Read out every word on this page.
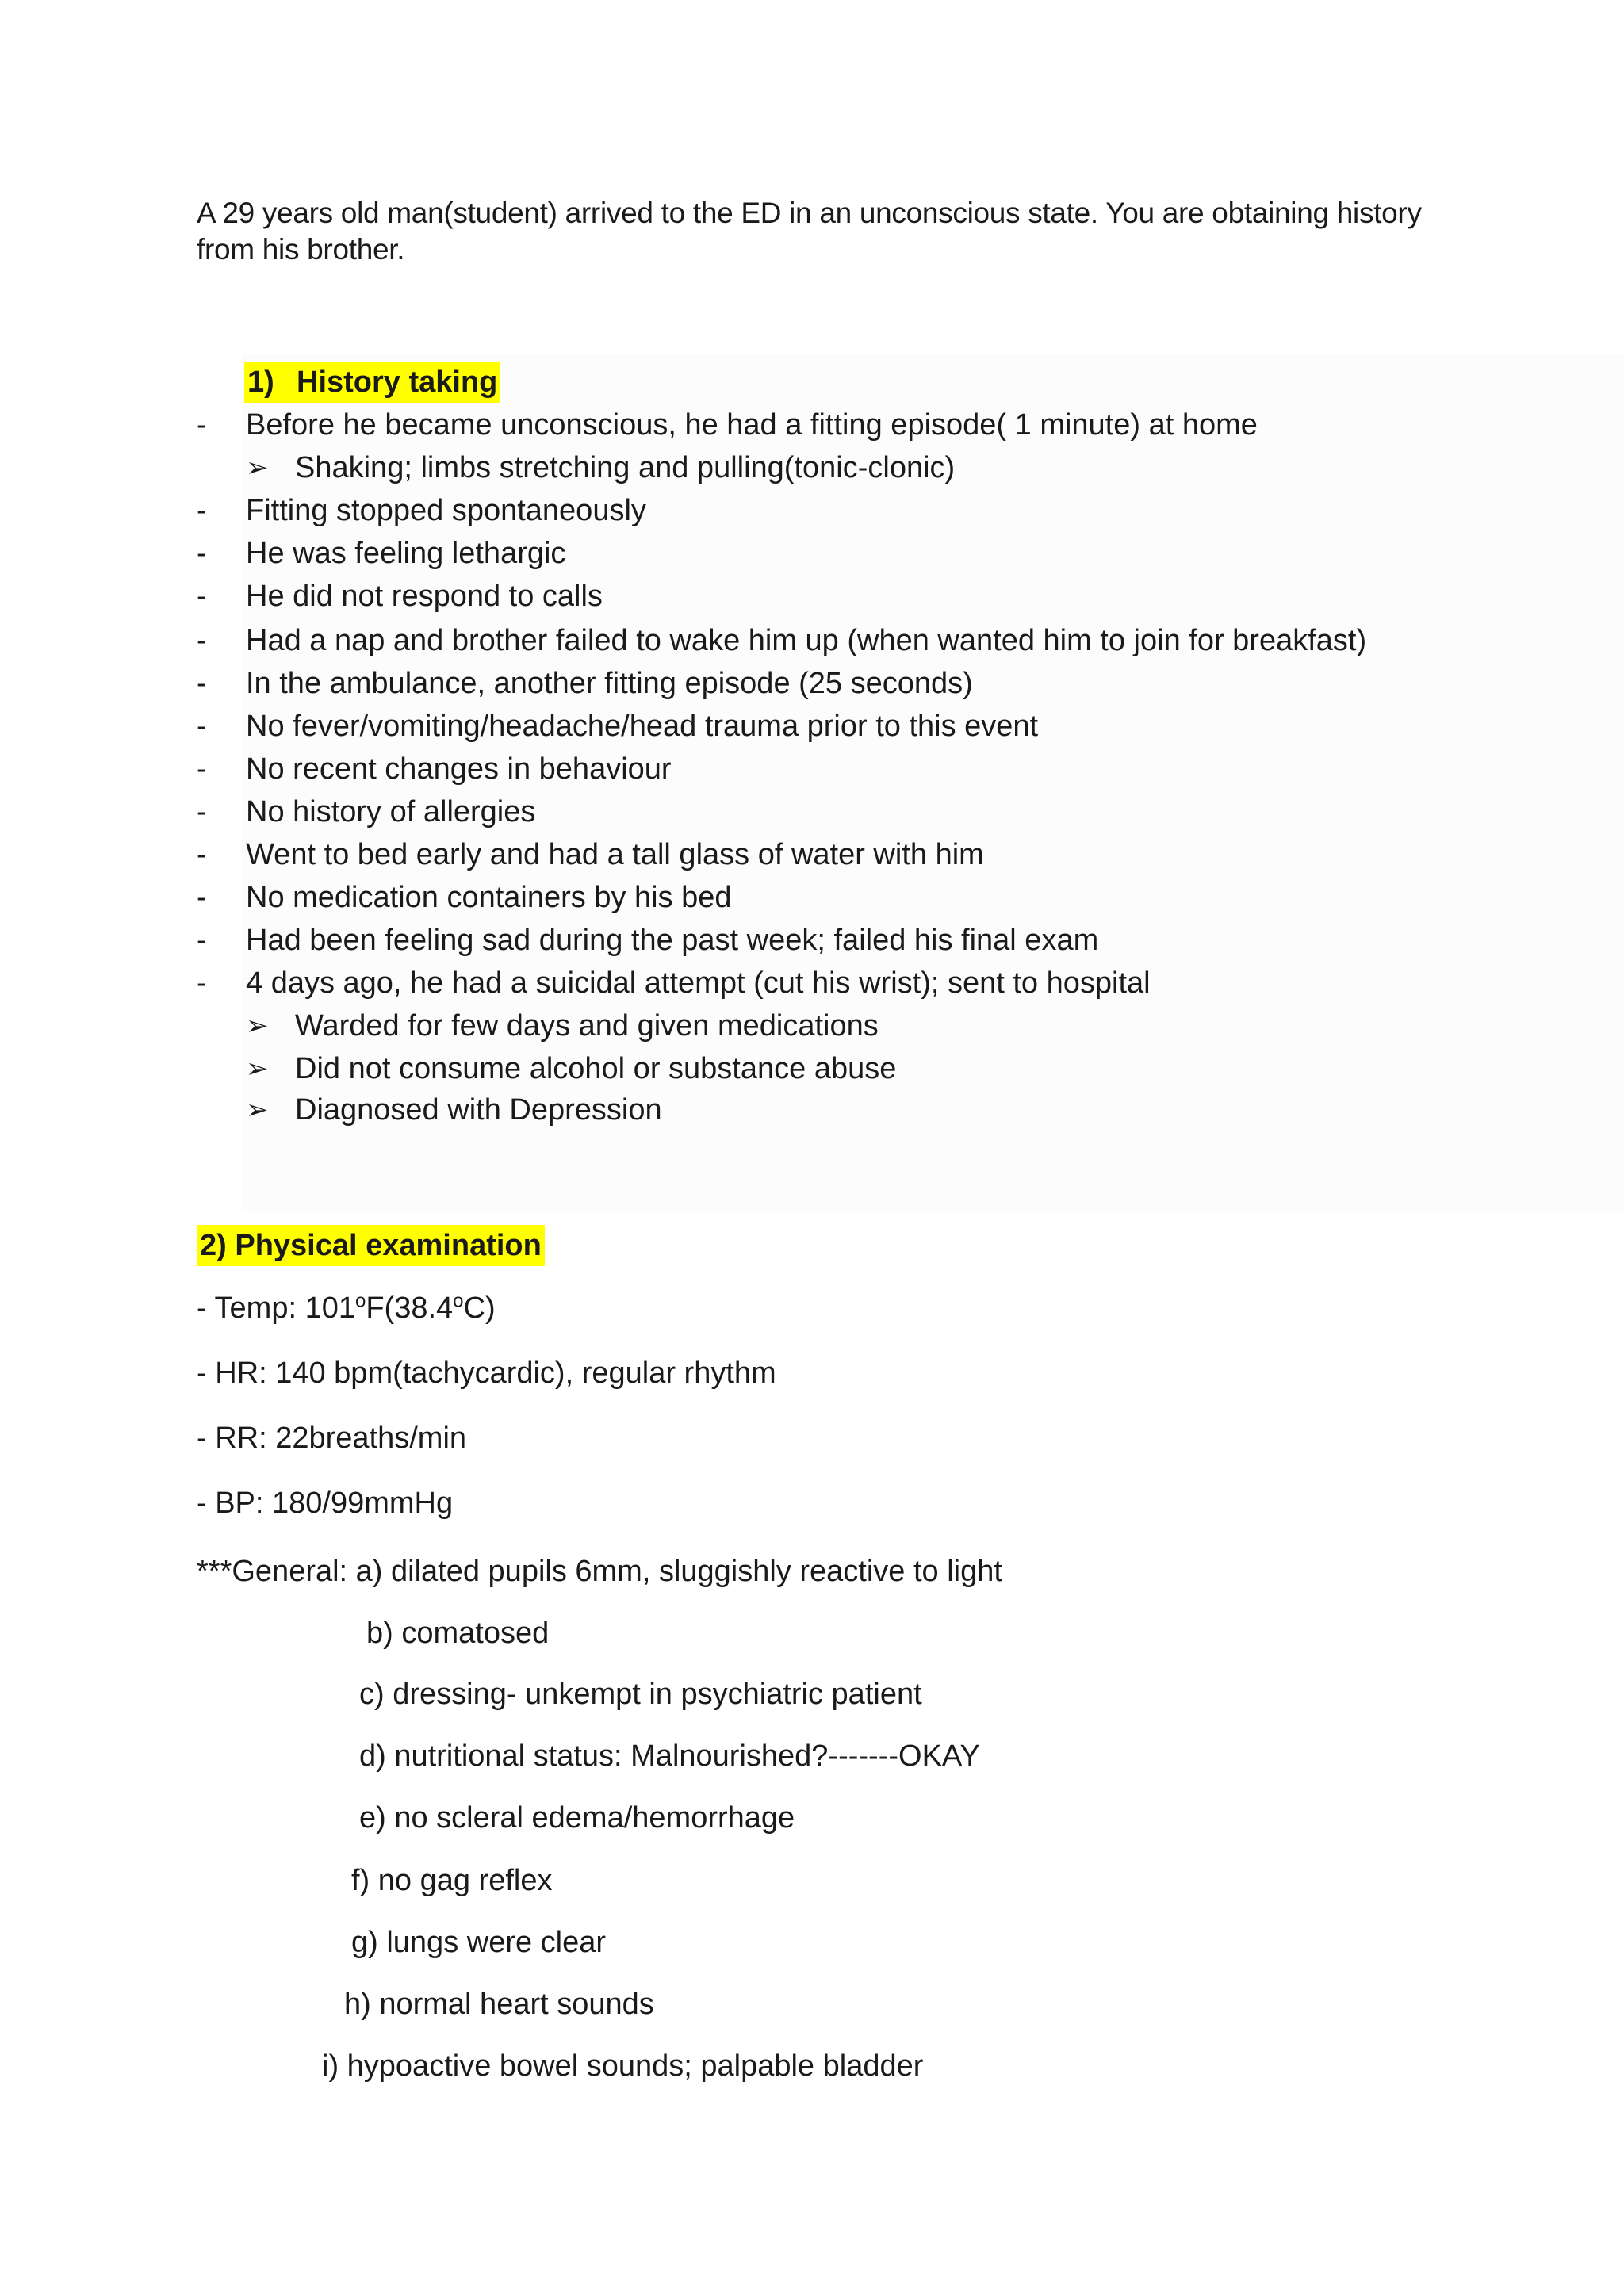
A 29 years old man(student) arrived to the ED in an unconscious state. You are obtaining history from his brother.
1) History taking
-	Before he became unconscious, he had a fitting episode( 1 minute) at home
➢ Shaking; limbs stretching and pulling(tonic-clonic)
-	Fitting stopped spontaneously
-	He was feeling lethargic
-	He did not respond to calls
-	Had a nap and brother failed to wake him up (when wanted him to join for breakfast)
-	In the ambulance, another fitting episode (25 seconds)
-	No fever/vomiting/headache/head trauma prior to this event
-	No recent changes in behaviour
-	No history of allergies
-	Went to bed early and had a tall glass of water with him
-	No medication containers by his bed
-	Had been feeling sad during the past week; failed his final exam
-	4 days ago, he had a suicidal attempt (cut his wrist); sent to hospital
➢ Warded for few days and given medications
➢ Did not consume alcohol or substance abuse
➢ Diagnosed with Depression
2) Physical examination
- Temp: 101$^o$F(38.4$^o$C)
- HR: 140 bpm(tachycardic), regular rhythm
- RR: 22breaths/min
- BP: 180/99mmHg
***General: a) dilated pupils 6mm, sluggishly reactive to light
b) comatosed
c) dressing- unkempt in psychiatric patient
d) nutritional status: Malnourished?-------OKAY
e) no scleral edema/hemorrhage
f) no gag reflex
g) lungs were clear
h) normal heart sounds
i) hypoactive bowel sounds; palpable bladder
